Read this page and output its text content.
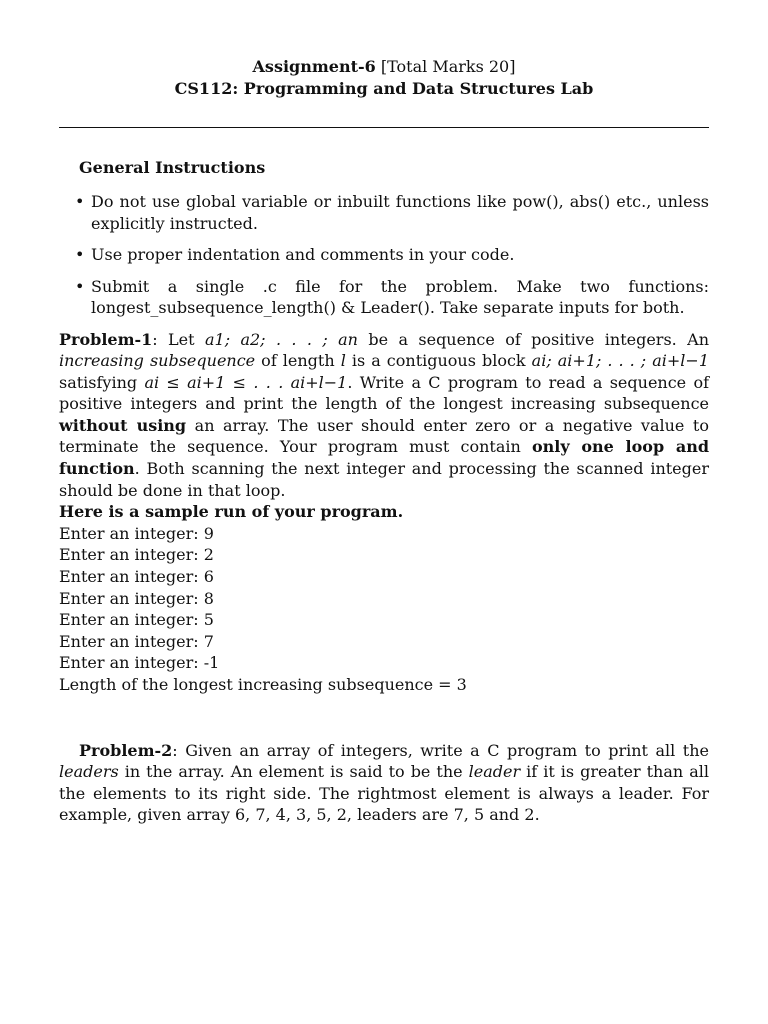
Assignment-6 [Total Marks 20]
CS112: Programming and Data Structures Lab
General Instructions
• Do not use global variable or inbuilt functions like pow(), abs() etc., unless explicitly instructed.
• Use proper indentation and comments in your code.
• Submit a single .c file for the problem. Make two functions: longest_subsequence_length() & Leader(). Take separate inputs for both.

Problem-1: Let a1; a2; . . . ; an be a sequence of positive integers. An increasing subsequence of length l is a contiguous block ai; ai+1; . . . ; ai+l−1 satisfying ai ≤ ai+1 ≤ . . . ai+l−1. Write a C program to read a sequence of positive integers and print the length of the longest increasing subsequence without using an array. The user should enter zero or a negative value to terminate the sequence. Your program must contain only one loop and function. Both scanning the next integer and processing the scanned integer should be done in that loop.

Here is a sample run of your program.

Enter an integer: 9

Enter an integer: 2

Enter an integer: 6

Enter an integer: 8

Enter an integer: 5

Enter an integer: 7

Enter an integer: -1

Length of the longest increasing subsequence = 3

Problem-2: Given an array of integers, write a C program to print all the leaders in the array. An element is said to be the leader if it is greater than all the elements to its right side. The rightmost element is always a leader. For example, given array 6, 7, 4, 3, 5, 2, leaders are 7, 5 and 2.
